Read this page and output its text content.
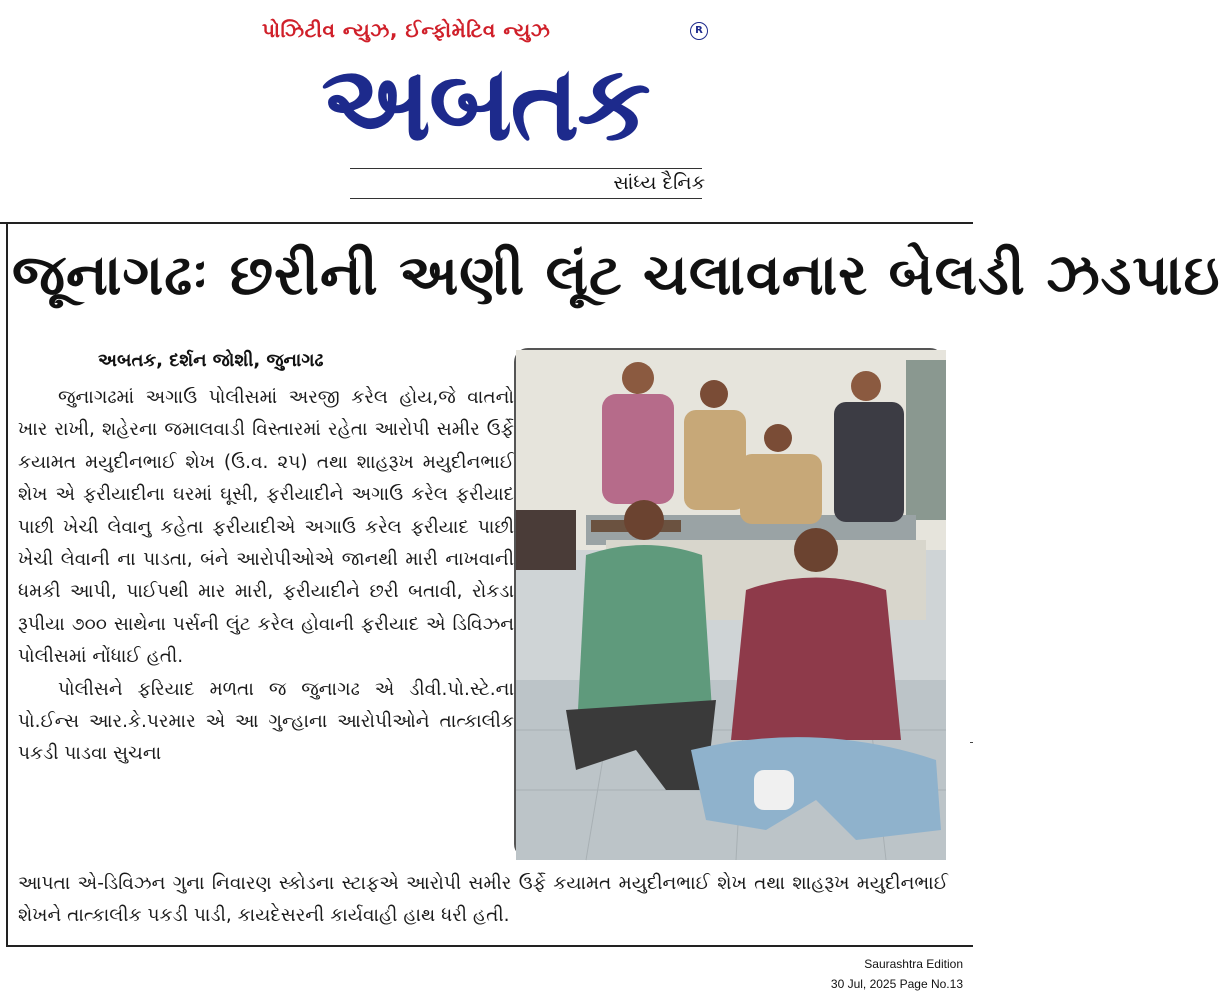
પોઝિટીવ ન્યુઝ, ઈન્ફોમેટિવ ન્યુઝ	R
અબતક
સાંધ્ય દૈનિક
જૂનાગઢઃ છરીની અણી લૂંટ ચલાવનાર બેલડી ઝડપાઇ
અબતક, દર્શન જોશી, જુનાગઢ

જુનાગઢમાં અગાઉ પોલીસમાં અરજી કરેલ હોય,જે વાતનો ખાર રાખી, શહેરના જમાલવાડી વિસ્તારમાં રહેતા આરોપી સમીર ઉર્ફે કયામત મયુદીનભાઈ શેખ (ઉ.વ. ૨૫) તથા શાહરૂખ મયુદીનભાઈ શેખ એ ફરીયાદીના ઘરમાં ઘૂસી, ફરીયાદીને અગાઉ કરેલ ફરીયાદ પાછી ખેચી લેવાનુ કહેતા ફરીયાદીએ અગાઉ કરેલ ફરીયાદ પાછી ખેચી લેવાની ના પાડતા, બંને આરોપીઓએ જાનથી મારી નાખવાની ધમકી આપી, પાઈપથી માર મારી, ફરીયાદીને છરી બતાવી, રોકડા રૂપીયા ૭૦૦ સાથેના પર્સની લુંટ કરેલ હોવાની ફરીયાદ એ ડિવિઝન પોલીસમાં નોંધાઈ હતી.

પોલીસને ફરિયાદ મળતા જ જુનાગઢ એ ડીવી.પો.સ્ટે.ના પો.ઈન્સ આર.કે.પરમાર એ આ ગુન્હાના આરોપીઓને તાત્કાલીક પકડી પાડવા સુચના

આપતા એ-ડિવિઝન ગુના નિવારણ સ્કોડના સ્ટાફએ આરોપી સમીર ઉર્ફે કયામત મયુદીનભાઈ શેખ તથા શાહરૂખ મયુદીનભાઈ શેખને તાત્કાલીક પકડી પાડી, કાયદેસરની કાર્યવાહી હાથ ધરી હતી.

Saurashtra Edition
30 Jul, 2025 Page No.13
